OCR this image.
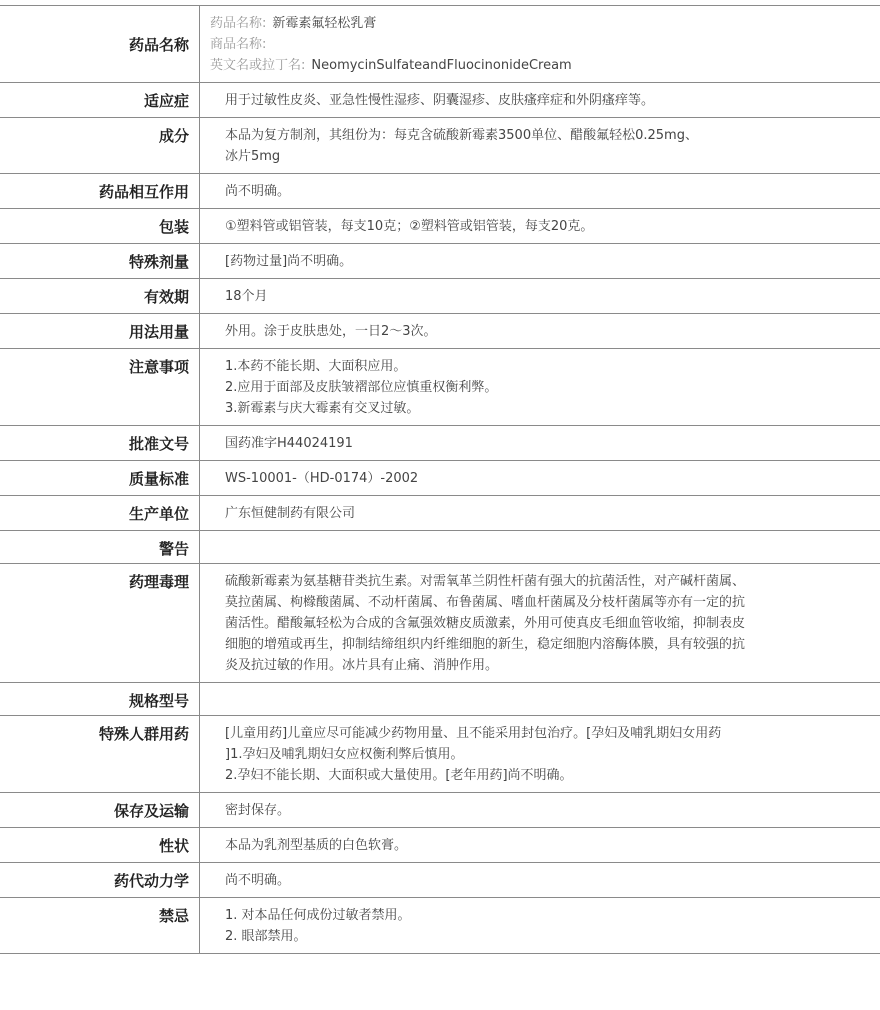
药品名称
药品名称: 新霉素氟轻松乳膏
商品名称:
英文名或拉丁名: NeomycinSulfateandFluocinonideCream
适应症	用于过敏性皮炎、亚急性慢性湿疹、阴囊湿疹、皮肤瘙痒症和外阴瘙痒等。
成分	本品为复方制剂，其组份为：每克含硫酸新霉素3500单位、醋酸氟轻松0.25mg、
冰片5mg
药品相互作用	尚不明确。
包装	①塑料管或铝管装，每支10克；②塑料管或铝管装，每支20克。
特殊剂量	[药物过量]尚不明确。
有效期	18个月
用法用量	外用。涂于皮肤患处，一日2～3次。
注意事项	1.本药不能长期、大面积应用。
2.应用于面部及皮肤皱褶部位应慎重权衡利弊。
3.新霉素与庆大霉素有交叉过敏。
批准文号	国药准字H44024191
质量标准	WS-10001-（HD-0174）-2002
生产单位	广东恒健制药有限公司
警告
药理毒理	硫酸新霉素为氨基糖苷类抗生素。对需氧革兰阴性杆菌有强大的抗菌活性，对产碱杆菌属、
莫拉菌属、枸橼酸菌属、不动杆菌属、布鲁菌属、嗜血杆菌属及分枝杆菌属等亦有一定的抗
菌活性。醋酸氟轻松为合成的含氟强效糖皮质激素，外用可使真皮毛细血管收缩，抑制表皮
细胞的增殖或再生，抑制结缔组织内纤维细胞的新生，稳定细胞内溶酶体膜，具有较强的抗
炎及抗过敏的作用。冰片具有止痛、消肿作用。
规格型号
特殊人群用药	[儿童用药]儿童应尽可能减少药物用量、且不能采用封包治疗。[孕妇及哺乳期妇女用药
]1.孕妇及哺乳期妇女应权衡利弊后慎用。
2.孕妇不能长期、大面积或大量使用。[老年用药]尚不明确。
保存及运输	密封保存。
性状	本品为乳剂型基质的白色软膏。
药代动力学	尚不明确。
禁忌	1. 对本品任何成份过敏者禁用。
2. 眼部禁用。
